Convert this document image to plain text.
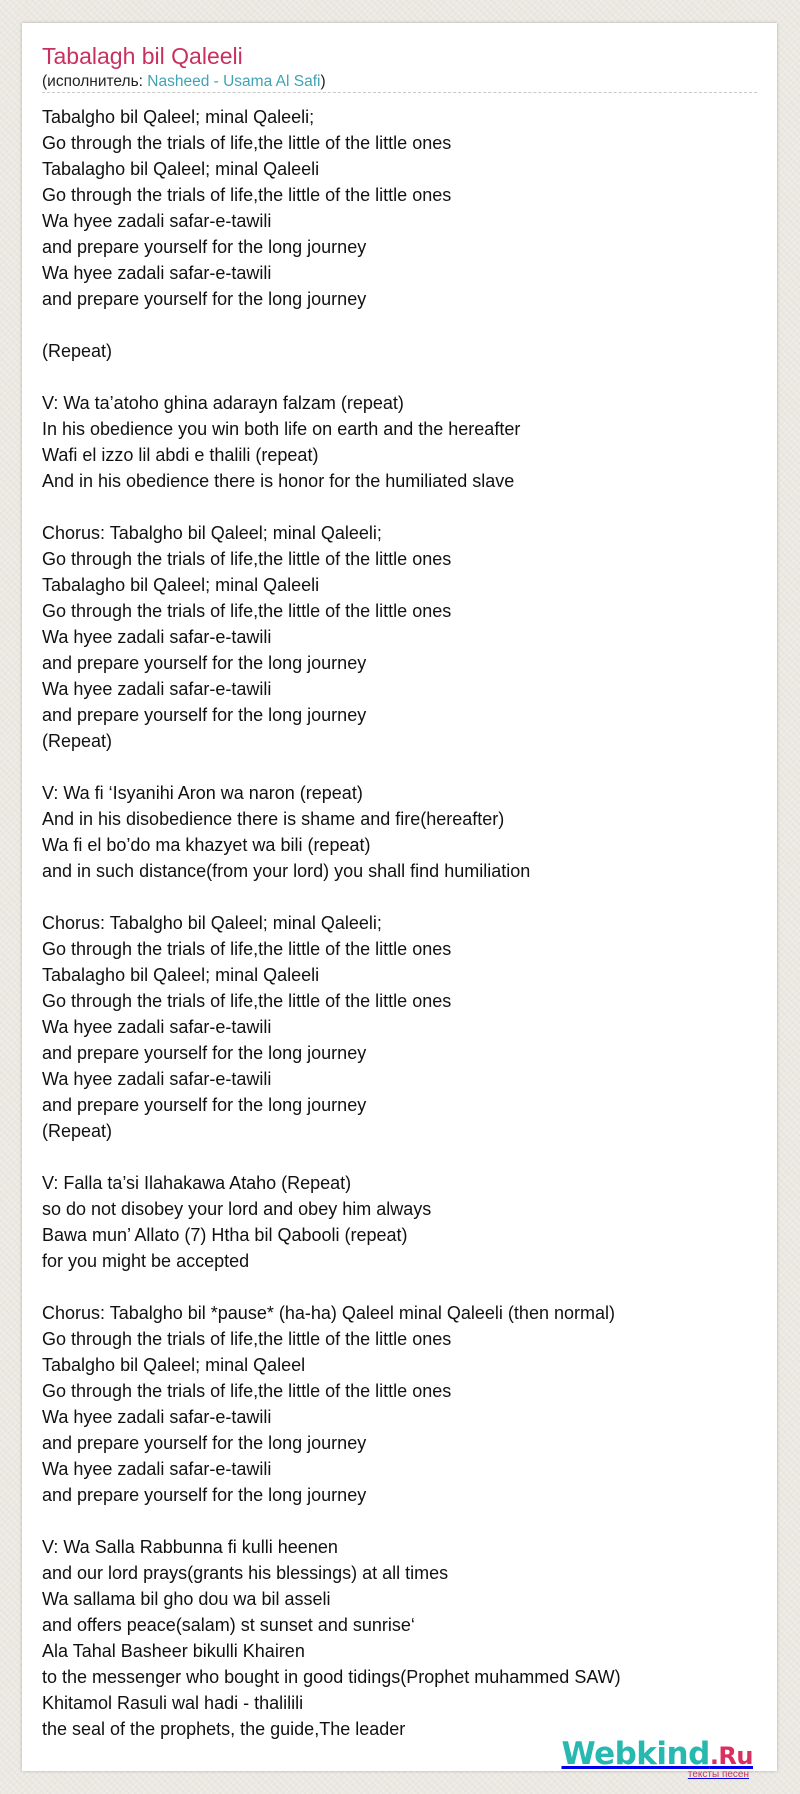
Tabalagh bil Qaleeli
(исполнитель: Nasheed - Usama Al Safi)
Tabalgho bil Qaleel; minal Qaleeli;
Go through the trials of life,the little of the little ones
Tabalagho bil Qaleel; minal Qaleeli
Go through the trials of life,the little of the little ones
Wa hyee zadali safar-e-tawili
and prepare yourself for the long journey
Wa hyee zadali safar-e-tawili
and prepare yourself for the long journey

(Repeat)

V: Wa ta’atoho ghina adarayn falzam (repeat)
In his obedience you win both life on earth and the hereafter
Wafi el izzo lil abdi e thalili (repeat)
And in his obedience there is honor for the humiliated slave

Chorus: Tabalgho bil Qaleel; minal Qaleeli;
Go through the trials of life,the little of the little ones
Tabalagho bil Qaleel; minal Qaleeli
Go through the trials of life,the little of the little ones
Wa hyee zadali safar-e-tawili
and prepare yourself for the long journey
Wa hyee zadali safar-e-tawili
and prepare yourself for the long journey
(Repeat)

V: Wa fi ‘Isyanihi Aron wa naron (repeat)
And in his disobedience there is shame and fire(hereafter)
Wa fi el bo’do ma khazyet wa bili (repeat)
and in such distance(from your lord) you shall find humiliation

Chorus: Tabalgho bil Qaleel; minal Qaleeli;
Go through the trials of life,the little of the little ones
Tabalagho bil Qaleel; minal Qaleeli
Go through the trials of life,the little of the little ones
Wa hyee zadali safar-e-tawili
and prepare yourself for the long journey
Wa hyee zadali safar-e-tawili
and prepare yourself for the long journey
(Repeat)

V: Falla ta’si Ilahakawa Ataho (Repeat)
so do not disobey your lord and obey him always
Bawa mun’ Allato (7) Htha bil Qabooli (repeat)
for you might be accepted

Chorus: Tabalgho bil *pause* (ha-ha) Qaleel minal Qaleeli (then normal)
Go through the trials of life,the little of the little ones
Tabalgho bil Qaleel; minal Qaleel
Go through the trials of life,the little of the little ones
Wa hyee zadali safar-e-tawili
and prepare yourself for the long journey
Wa hyee zadali safar-e-tawili
and prepare yourself for the long journey

V: Wa Salla Rabbunna fi kulli heenen
and our lord prays(grants his blessings) at all times
Wa sallama bil gho dou wa bil asseli
and offers peace(salam) st sunset and sunrise‘
Ala Tahal Basheer bikulli Khairen
to the messenger who bought in good tidings(Prophet muhammed SAW)
Khitamol Rasuli wal hadi - thalilili
the seal of the prophets, the guide,The leader
Webkind.Ru
тексты песен
